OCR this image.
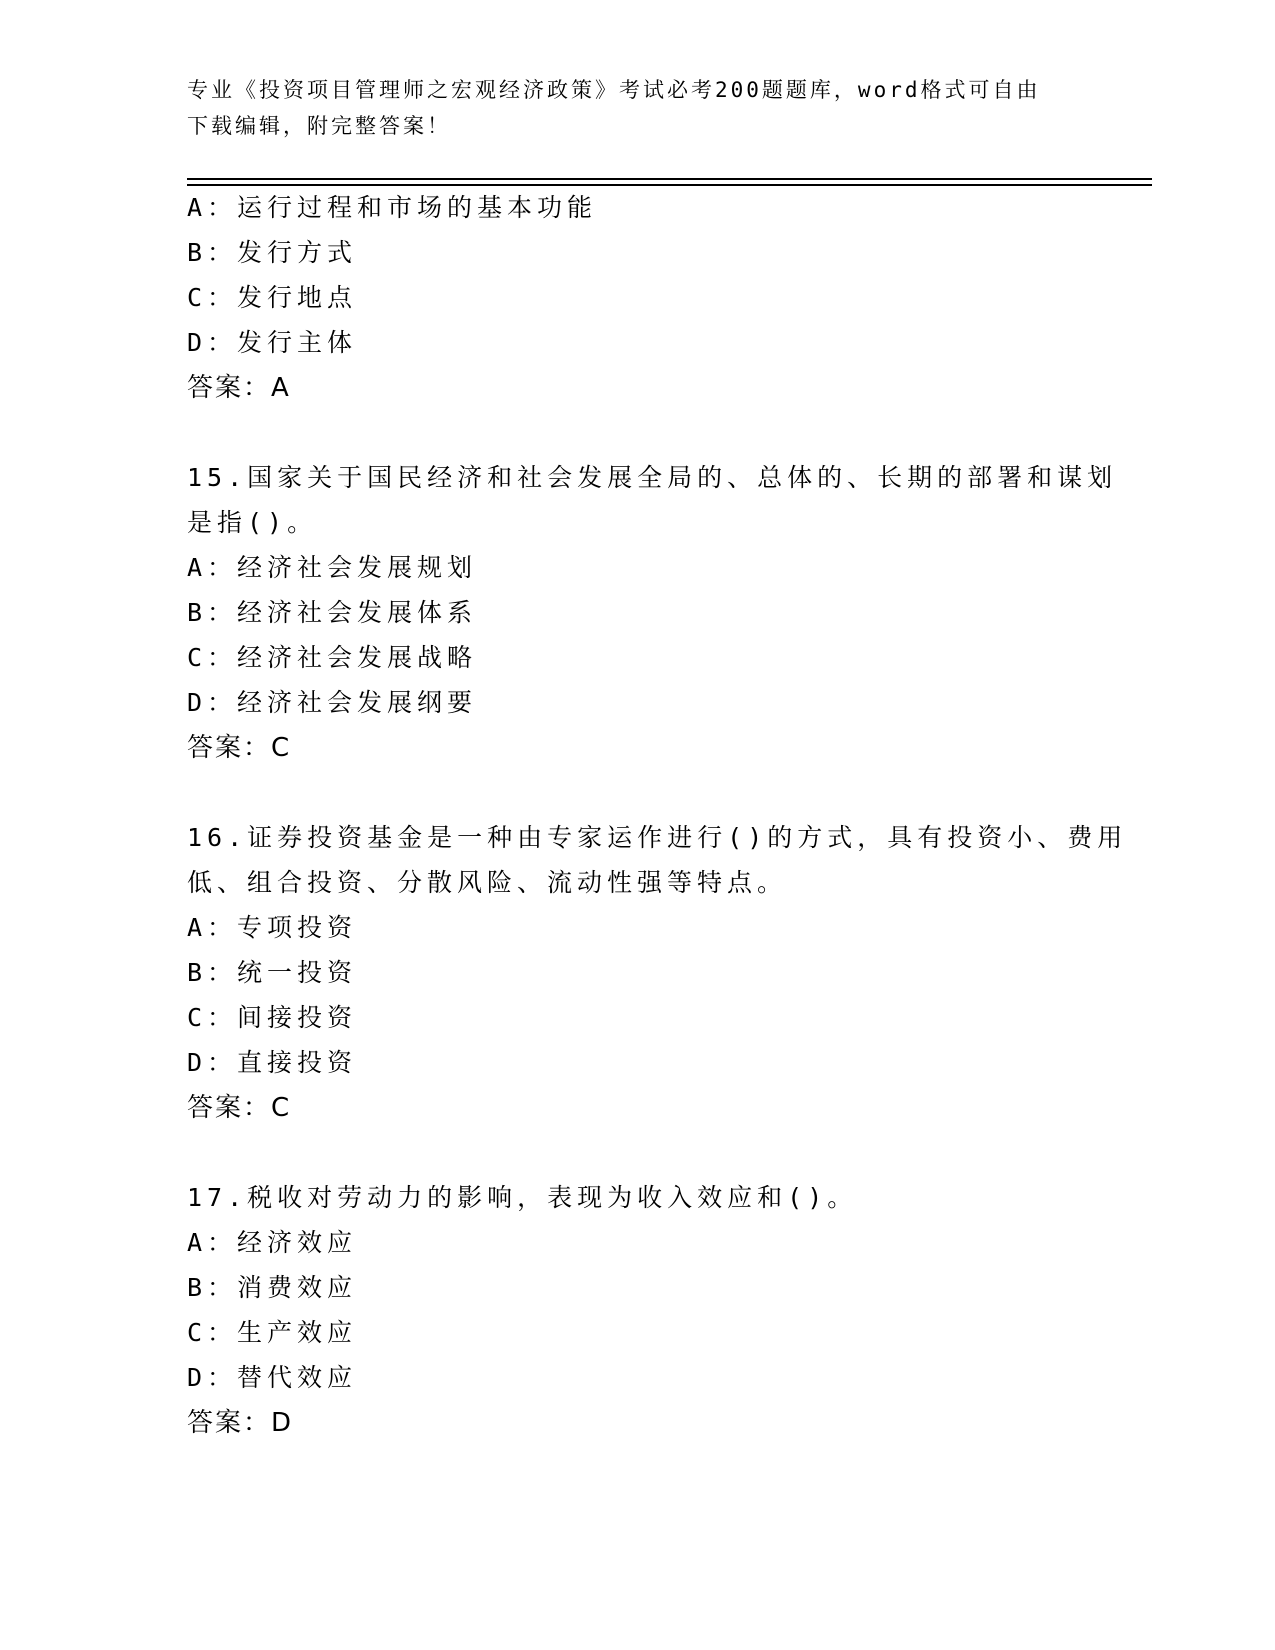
专业《投资项目管理师之宏观经济政策》考试必考200题题库，word格式可自由
下载编辑，附完整答案！
A：运行过程和市场的基本功能
B：发行方式
C：发行地点
D：发行主体
答案：A
15.国家关于国民经济和社会发展全局的、总体的、长期的部署和谋划
是指()。
A：经济社会发展规划
B：经济社会发展体系
C：经济社会发展战略
D：经济社会发展纲要
答案：C
16.证券投资基金是一种由专家运作进行()的方式，具有投资小、费用
低、组合投资、分散风险、流动性强等特点。
A：专项投资
B：统一投资
C：间接投资
D：直接投资
答案：C
17.税收对劳动力的影响，表现为收入效应和()。
A：经济效应
B：消费效应
C：生产效应
D：替代效应
答案：D
